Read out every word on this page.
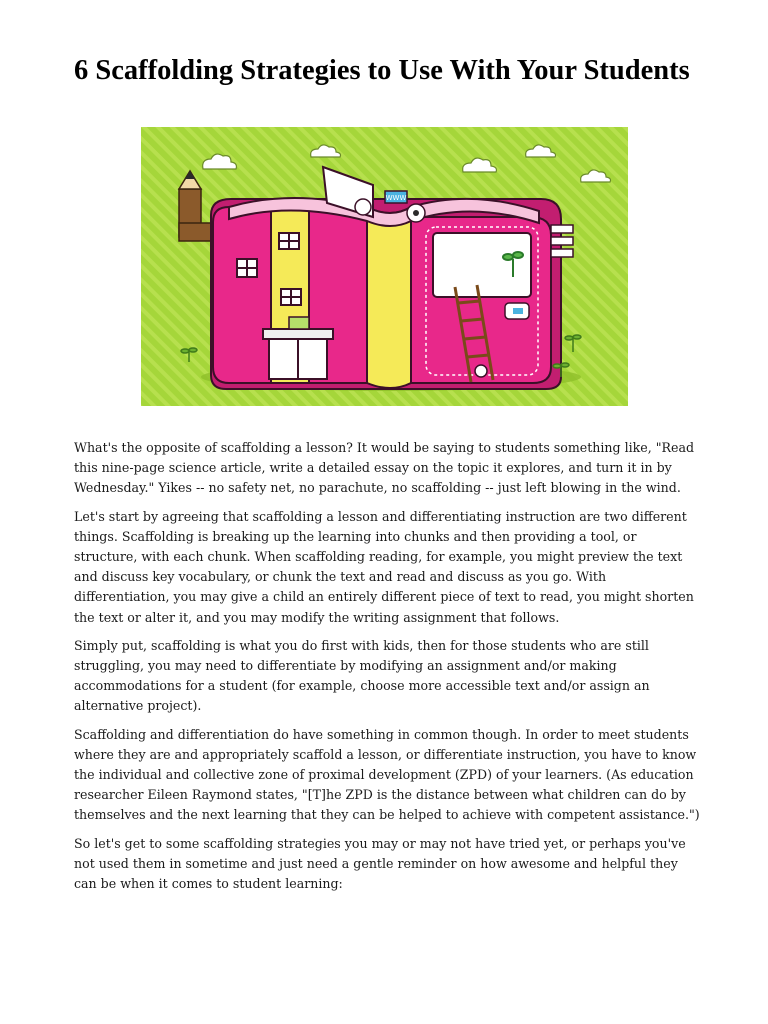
6 Scaffolding Strategies to Use With Your Students
WWW

What's the opposite of scaffolding a lesson? It would be saying to students something like, "Read this nine-page science article, write a detailed essay on the topic it explores, and turn it in by Wednesday." Yikes -- no safety net, no parachute, no scaffolding -- just left blowing in the wind.

Let's start by agreeing that scaffolding a lesson and differentiating instruction are two different things. Scaffolding is breaking up the learning into chunks and then providing a tool, or structure, with each chunk. When scaffolding reading, for example, you might preview the text and discuss key vocabulary, or chunk the text and read and discuss as you go. With differentiation, you may give a child an entirely different piece of text to read, you might shorten the text or alter it, and you may modify the writing assignment that follows.

Simply put, scaffolding is what you do first with kids, then for those students who are still struggling, you may need to differentiate by modifying an assignment and/or making accommodations for a student (for example, choose more accessible text and/or assign an alternative project).

Scaffolding and differentiation do have something in common though. In order to meet students where they are and appropriately scaffold a lesson, or differentiate instruction, you have to know the individual and collective zone of proximal development (ZPD) of your learners. (As education researcher Eileen Raymond states, "[T]he ZPD is the distance between what children can do by themselves and the next learning that they can be helped to achieve with competent assistance.")

So let's get to some scaffolding strategies you may or may not have tried yet, or perhaps you've not used them in sometime and just need a gentle reminder on how awesome and helpful they can be when it comes to student learning:
